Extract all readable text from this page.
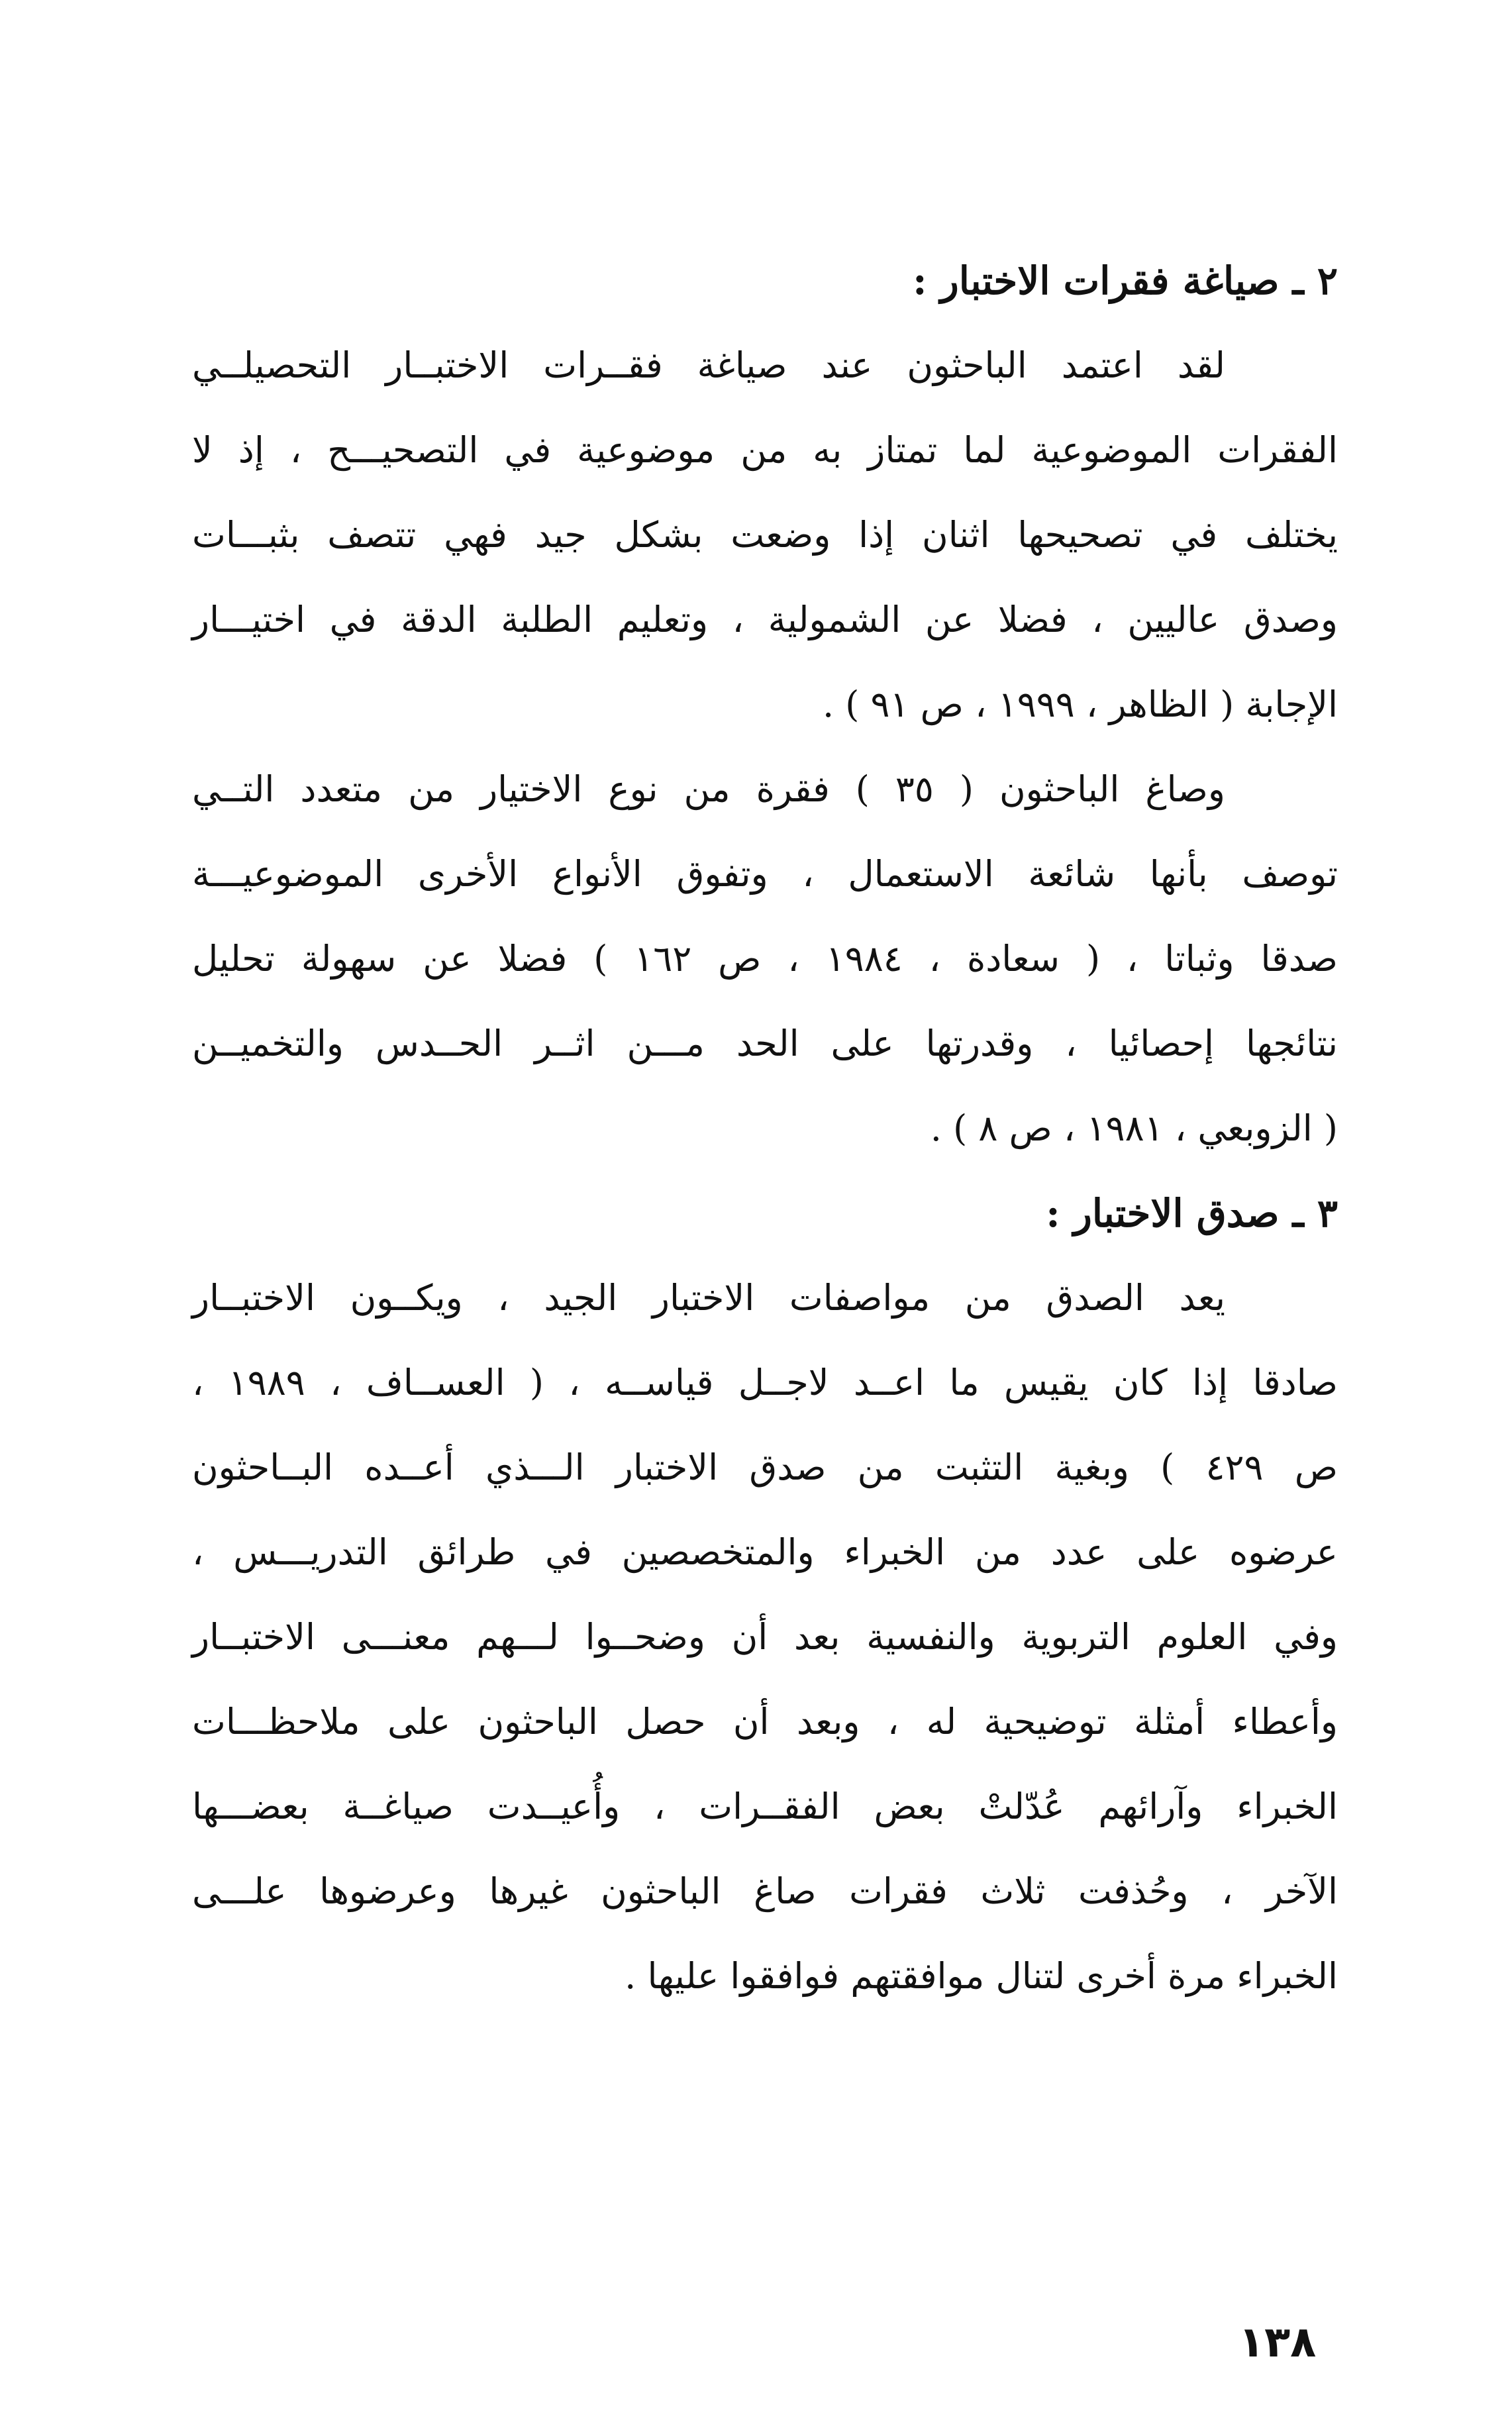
٢ ـ صياغة فقرات الاختبار :
لقد اعتمد الباحثون عند صياغة فقــرات الاختبــار التحصيلــي
الفقرات الموضوعية لما تمتاز به من موضوعية في التصحيـــح ، إذ لا
يختلف في تصحيحها اثنان إذا وضعت بشكل جيد فهي تتصف بثبـــات
وصدق عاليين ، فضلا عن الشمولية ، وتعليم الطلبة الدقة في اختيـــار
الإجابة ( الظاهر ، ١٩٩٩ ، ص ٩١ ) .
وصاغ الباحثون ( ٣٥ ) فقرة من نوع الاختيار من متعدد التــي
توصف بأنها شائعة الاستعمال ، وتفوق الأنواع الأخرى الموضوعيـــة
صدقا وثباتا ، ( سعادة ، ١٩٨٤ ، ص ١٦٢ ) فضلا عن سهولة تحليل
نتائجها إحصائيا ، وقدرتها على الحد مـــن اثــر الحــدس والتخميــن
( الزوبعي ، ١٩٨١ ، ص ٨ ) .
٣ ـ صدق الاختبار :
يعد الصدق من مواصفات الاختبار الجيد ، ويكــون الاختبــار
صادقا إذا كان يقيس ما اعــد لاجــل قياســه ، ( العســاف ، ١٩٨٩ ،
ص ٤٢٩ ) وبغية التثبت من صدق الاختبار الـــذي أعــده البــاحثون
عرضوه على عدد من الخبراء والمتخصصين في طرائق التدريـــس ،
وفي العلوم التربوية والنفسية بعد أن وضحــوا لـــهم معنـــى الاختبــار
وأعطاء أمثلة توضيحية له ، وبعد أن حصل الباحثون على ملاحظـــات
الخبراء وآرائهم عُدّلتْ بعض الفقــرات ، وأُعيــدت صياغــة بعضـــها
الآخر ، وحُذفت ثلاث فقرات صاغ الباحثون غيرها وعرضوها علـــى
الخبراء مرة أخرى لتنال موافقتهم فوافقوا عليها .
١٣٨
